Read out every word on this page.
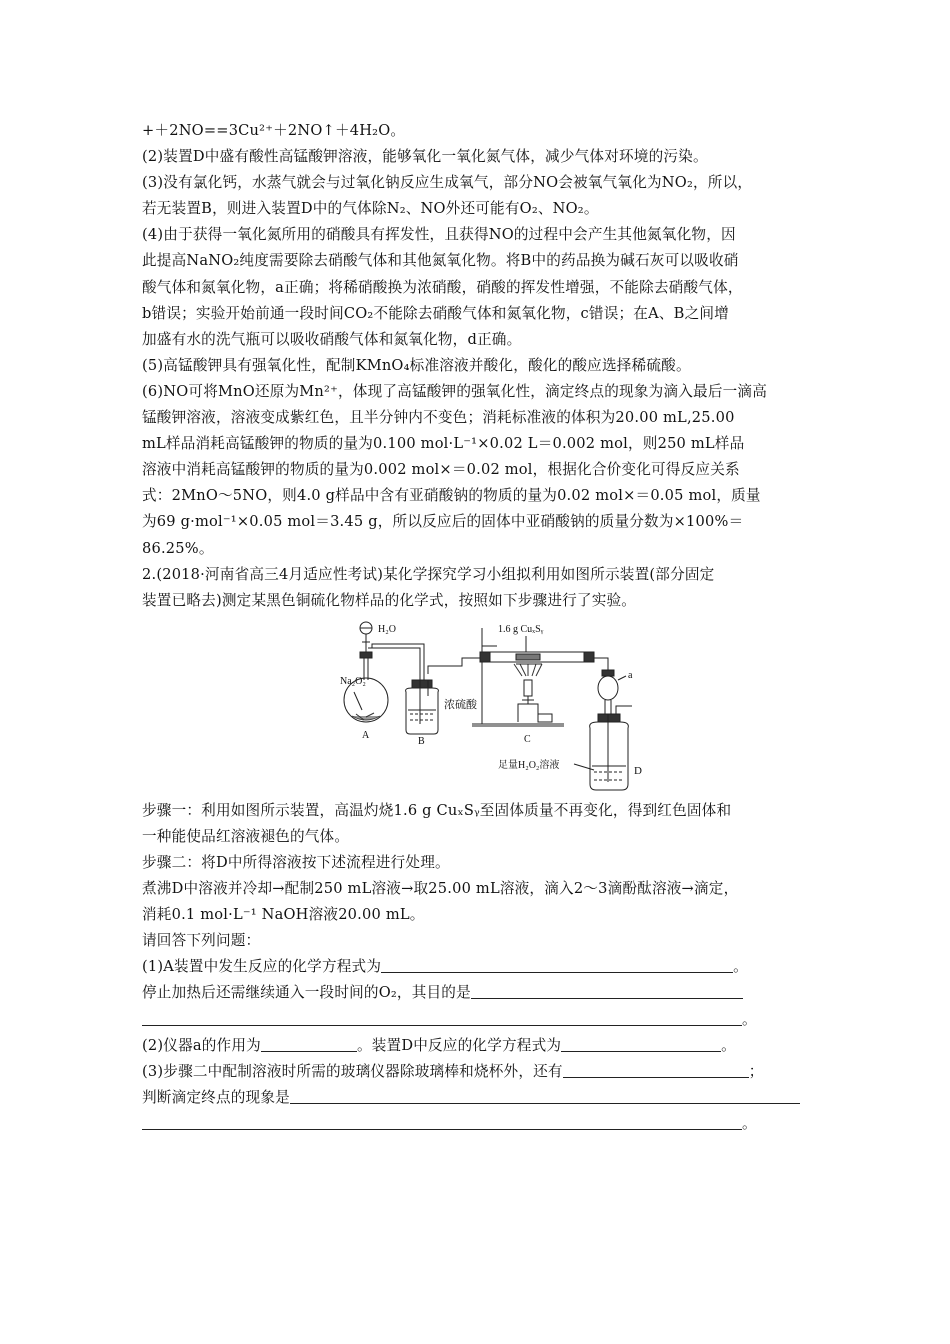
+＋2NO==3Cu²⁺＋2NO↑＋4H₂O。
(2)装置D中盛有酸性高锰酸钾溶液，能够氧化一氧化氮气体，减少气体对环境的污染。
(3)没有氯化钙，水蒸气就会与过氧化钠反应生成氧气，部分NO会被氧气氧化为NO₂，所以，
若无装置B，则进入装置D中的气体除N₂、NO外还可能有O₂、NO₂。
(4)由于获得一氧化氮所用的硝酸具有挥发性，且获得NO的过程中会产生其他氮氧化物，因
此提高NaNO₂纯度需要除去硝酸气体和其他氮氧化物。将B中的药品换为碱石灰可以吸收硝
酸气体和氮氧化物，a正确；将稀硝酸换为浓硝酸，硝酸的挥发性增强，不能除去硝酸气体，
b错误；实验开始前通一段时间CO₂不能除去硝酸气体和氮氧化物，c错误；在A、B之间增
加盛有水的洗气瓶可以吸收硝酸气体和氮氧化物，d正确。
(5)高锰酸钾具有强氧化性，配制KMnO₄标准溶液并酸化，酸化的酸应选择稀硫酸。
(6)NO可将MnO还原为Mn²⁺，体现了高锰酸钾的强氧化性，滴定终点的现象为滴入最后一滴高
锰酸钾溶液，溶液变成紫红色，且半分钟内不变色；消耗标准液的体积为20.00 mL,25.00
mL样品消耗高锰酸钾的物质的量为0.100 mol·L⁻¹×0.02 L＝0.002 mol，则250 mL样品
溶液中消耗高锰酸钾的物质的量为0.002 mol×＝0.02 mol，根据化合价变化可得反应关系
式：2MnO～5NO，则4.0 g样品中含有亚硝酸钠的物质的量为0.02 mol×＝0.05 mol，质量
为69 g·mol⁻¹×0.05 mol＝3.45 g，所以反应后的固体中亚硝酸钠的质量分数为×100%＝
86.25%。
2.(2018·河南省高三4月适应性考试)某化学探究学习小组拟利用如图所示装置(部分固定
装置已略去)测定某黑色铜硫化物样品的化学式，按照如下步骤进行了实验。
Na₂O₂
H₂O
A
浓硫酸
B
1.6 g CuₓSᵧ
C
a
足量H₂O₂溶液	D
步骤一：利用如图所示装置，高温灼烧1.6 g CuₓSᵧ至固体质量不再变化，得到红色固体和
一种能使品红溶液褪色的气体。
步骤二：将D中所得溶液按下述流程进行处理。
煮沸D中溶液并冷却→配制250 mL溶液→取25.00 mL溶液，滴入2～3滴酚酞溶液→滴定，
消耗0.1 mol·L⁻¹ NaOH溶液20.00 mL。
请回答下列问题：
(1)A装置中发生反应的化学方程式为	。
停止加热后还需继续通入一段时间的O₂，其目的是
。
(2)仪器a的作用为	。装置D中反应的化学方程式为	。
(3)步骤二中配制溶液时所需的玻璃仪器除玻璃棒和烧杯外，还有	；
判断滴定终点的现象是
。
